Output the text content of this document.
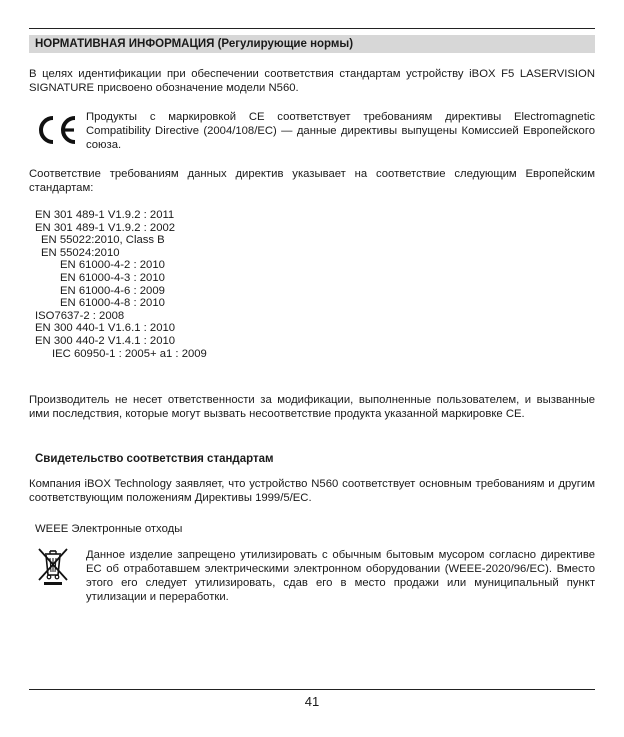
НОРМАТИВНАЯ ИНФОРМАЦИЯ (Регулирующие нормы)
В целях идентификации при обеспечении соответствия стандартам устройству iBOX F5 LASERVISION SIGNATURE присвоено обозначение модели N560.
Продукты с маркировкой CE соответствует требованиям директивы Electromagnetic Compatibility Directive (2004/108/EC) — данные директивы выпущены Комиссией Европейского союза.
Соответствие требованиям данных директив указывает на соответствие следующим Европейским стандартам:
EN 301 489-1 V1.9.2 : 2011
EN 301 489-1 V1.9.2 : 2002
EN 55022:2010, Class B
EN 55024:2010
EN 61000-4-2 : 2010
EN 61000-4-3 : 2010
EN 61000-4-6 : 2009
EN 61000-4-8 : 2010
ISO7637-2 : 2008
EN 300 440-1 V1.6.1 : 2010
EN 300 440-2 V1.4.1 : 2010
IEC 60950-1 : 2005+ a1 : 2009
Производитель не несет ответственности за модификации, выполненные пользователем, и вызванные ими последствия, которые могут вызвать несоответствие продукта указанной маркировке CE.
Свидетельство соответствия стандартам
Компания iBOX Technology заявляет, что устройство N560 соответствует основным требованиям и другим соответствующим положениям Директивы 1999/5/EC.
WEEE Электронные отходы
Данное изделие запрещено утилизировать с обычным бытовым мусором согласно директиве ЕС об отработавшем электрическими электронном оборудовании (WEEE-2020/96/EC). Вместо этого его следует утилизировать, сдав его в место продажи или муниципальный пункт утилизации и переработки.
41
